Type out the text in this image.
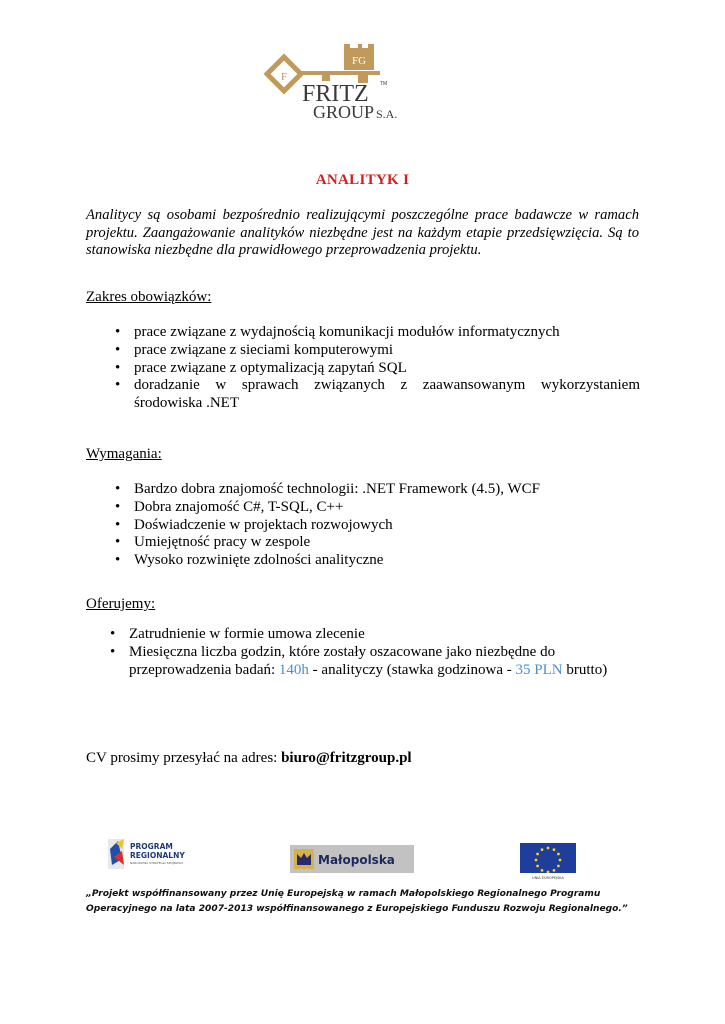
FG
F
FRITZ TM
GROUP S.A.
ANALITYK I
Analitycy są osobami bezpośrednio realizującymi poszczególne prace badawcze w ramach projektu. Zaangażowanie analityków niezbędne jest na każdym etapie przedsięwzięcia. Są to stanowiska niezbędne dla prawidłowego przeprowadzenia projektu.
Zakres obowiązków:
• prace związane z wydajnością komunikacji modułów informatycznych
• prace związane z sieciami komputerowymi
• prace związane z optymalizacją zapytań SQL
• doradzanie w sprawach związanych z zaawansowanym wykorzystaniem środowiska .NET
Wymagania:
• Bardzo dobra znajomość technologii: .NET Framework (4.5), WCF
• Dobra znajomość C#, T-SQL, C++
• Doświadczenie w projektach rozwojowych
• Umiejętność pracy w zespole
• Wysoko rozwinięte zdolności analityczne
Oferujemy:
• Zatrudnienie w formie umowa zlecenie
• Miesięczna liczba godzin, które zostały oszacowane jako niezbędne do przeprowadzenia badań: 140h - analityczy (stawka godzinowa - 35 PLN brutto)
CV prosimy przesyłać na adres: biuro@fritzgroup.pl
PROGRAM
REGIONALNY
NARODOWA STRATEGIA SPÓJNOŚCI	Małopolska
UNIA EUROPEJSKA
„Projekt współfinansowany przez Unię Europejską w ramach Małopolskiego Regionalnego Programu Operacyjnego na lata 2007-2013 współfinansowanego z Europejskiego Funduszu Rozwoju Regionalnego.”
